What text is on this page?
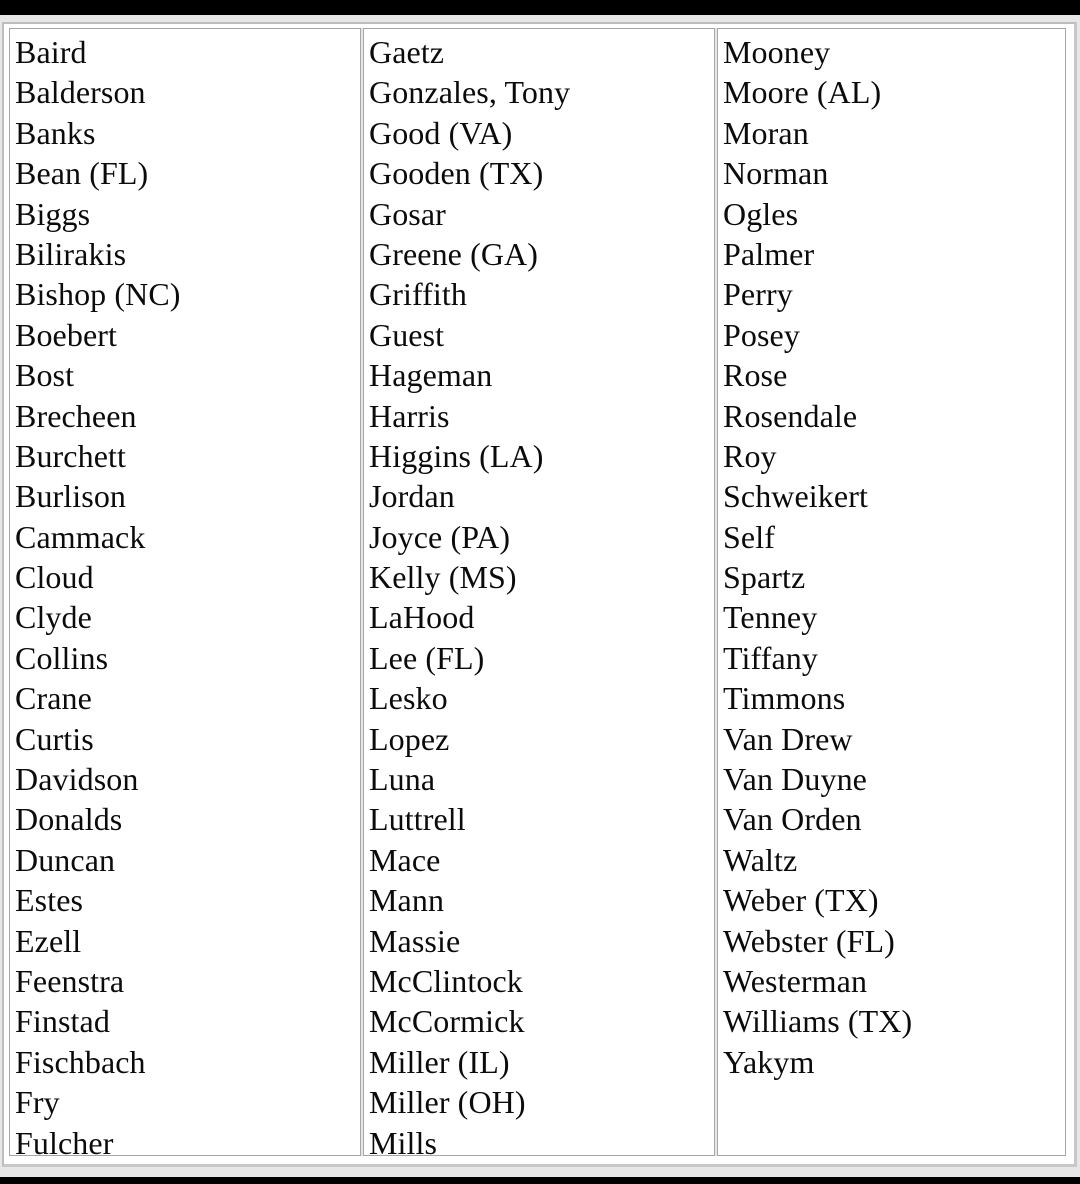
Baird
Balderson
Banks
Bean (FL)
Biggs
Bilirakis
Bishop (NC)
Boebert
Bost
Brecheen
Burchett
Burlison
Cammack
Cloud
Clyde
Collins
Crane
Curtis
Davidson
Donalds
Duncan
Estes
Ezell
Feenstra
Finstad
Fischbach
Fry
Fulcher
Gaetz
Gonzales, Tony
Good (VA)
Gooden (TX)
Gosar
Greene (GA)
Griffith
Guest
Hageman
Harris
Higgins (LA)
Jordan
Joyce (PA)
Kelly (MS)
LaHood
Lee (FL)
Lesko
Lopez
Luna
Luttrell
Mace
Mann
Massie
McClintock
McCormick
Miller (IL)
Miller (OH)
Mills
Mooney
Moore (AL)
Moran
Norman
Ogles
Palmer
Perry
Posey
Rose
Rosendale
Roy
Schweikert
Self
Spartz
Tenney
Tiffany
Timmons
Van Drew
Van Duyne
Van Orden
Waltz
Weber (TX)
Webster (FL)
Westerman
Williams (TX)
Yakym
